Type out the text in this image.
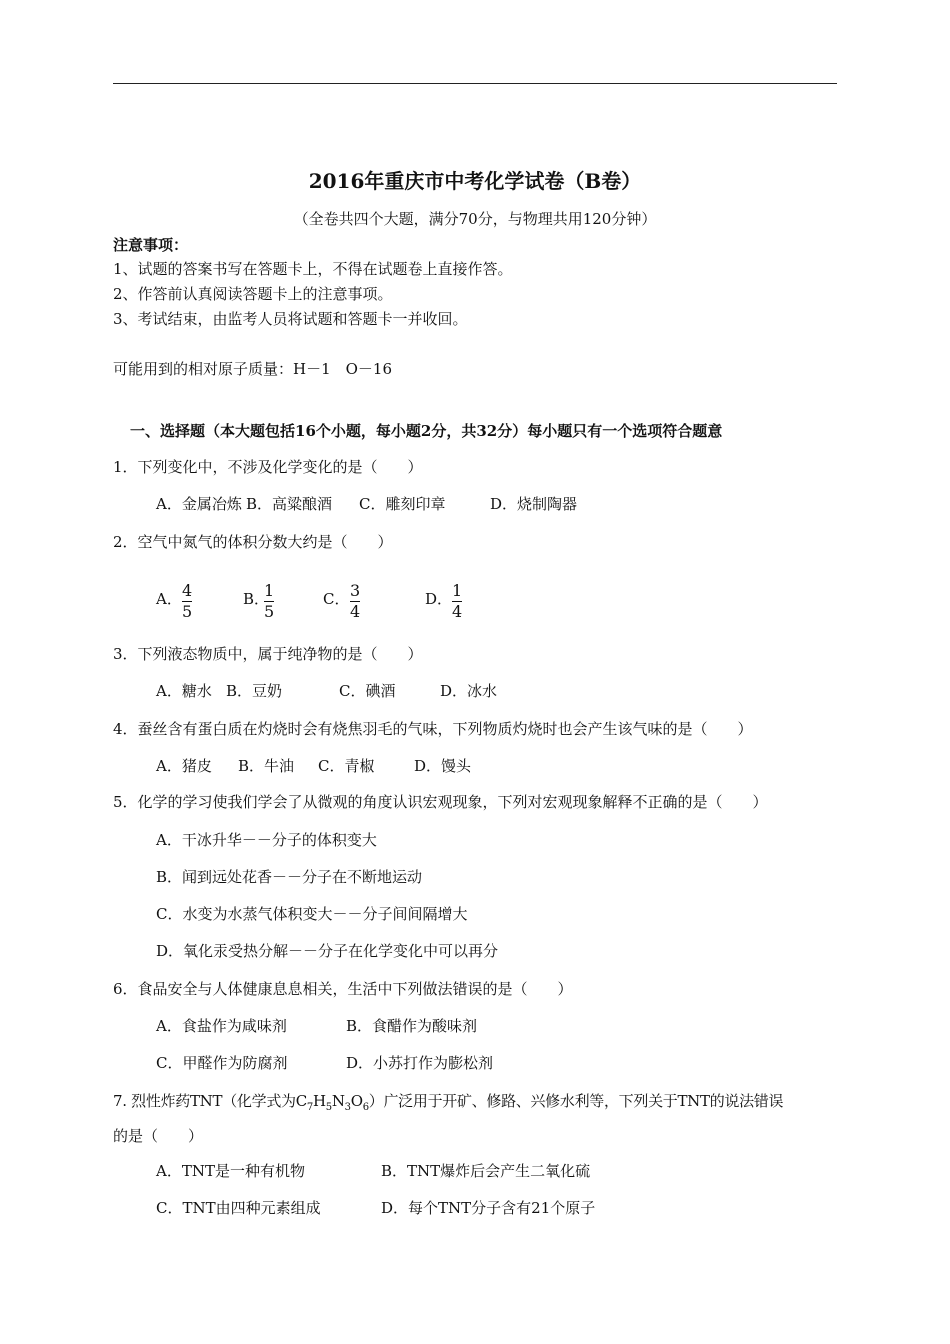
2016年重庆市中考化学试卷（B卷）
（全卷共四个大题，满分70分，与物理共用120分钟）
注意事项：
1、试题的答案书写在答题卡上，不得在试题卷上直接作答。
2、作答前认真阅读答题卡上的注意事项。
3、考试结束，由监考人员将试题和答题卡一并收回。
可能用到的相对原子质量：H－1　O－16
一、选择题（本大题包括16个小题，每小题2分，共32分）每小题只有一个选项符合题意
1．下列变化中，不涉及化学变化的是（　　）
A．金属冶炼 B．高粱酿酒 C．雕刻印章	D．烧制陶器
2．空气中氮气的体积分数大约是（　　）
A． 4
5
B．
1
5
C． 3
4
D． 1
4
3．下列液态物质中，属于纯净物的是（　　）
A．糖水 B．豆奶	C．碘酒	D．冰水
4．蚕丝含有蛋白质在灼烧时会有烧焦羽毛的气味，下列物质灼烧时也会产生该气味的是（　　）
A．猪皮 B．牛油 C．青椒	D．馒头
5．化学的学习使我们学会了从微观的角度认识宏观现象，下列对宏观现象解释不正确的是（　　）
A．干冰升华－－分子的体积变大
B．闻到远处花香－－分子在不断地运动
C．水变为水蒸气体积变大－－分子间间隔增大
D．氧化汞受热分解－－分子在化学变化中可以再分
6．食品安全与人体健康息息相关，生活中下列做法错误的是（　　）
A．食盐作为咸味剂	B．食醋作为酸味剂
C．甲醛作为防腐剂	D．小苏打作为膨松剂
7. 烈性炸药TNT（化学式为$C_7H_5N_3O_6$）广泛用于开矿、修路、兴修水利等，下列关于TNT的说法错误
的是（　　）
A．TNT是一种有机物	B．TNT爆炸后会产生二氧化硫
C．TNT由四种元素组成	D．每个TNT分子含有21个原子
